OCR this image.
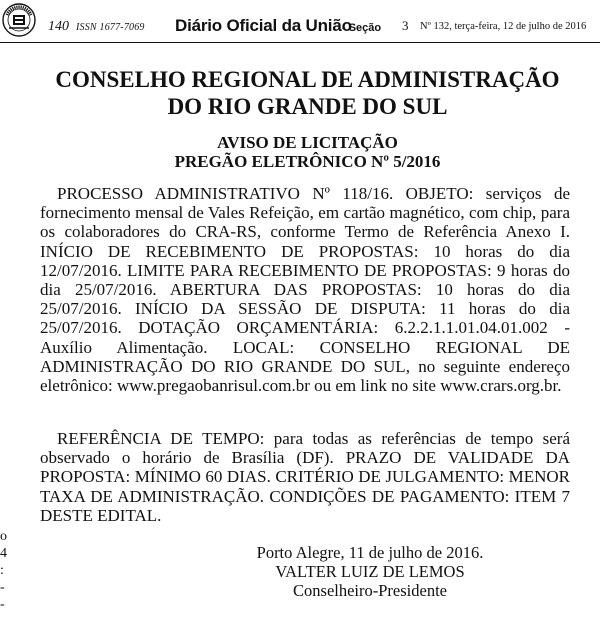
140 ISSN 1677-7069 Diário Oficial da União
- Seção 3 Nº 132, terça-feira, 12 de julho de 2016
CONSELHO REGIONAL DE ADMINISTRAÇÃO
DO RIO GRANDE DO SUL
AVISO DE LICITAÇÃO
PREGÃO ELETRÔNICO Nº 5/2016

PROCESSO ADMINISTRATIVO Nº 118/16. OBJETO: serviços de fornecimento mensal de Vales Refeição, em cartão magnético, com chip, para os colaboradores do CRA-RS, conforme Termo de Referência Anexo I. INÍCIO DE RECEBIMENTO DE PROPOSTAS: 10 horas do dia 12/07/2016. LIMITE PARA RECEBIMENTO DE PROPOSTAS: 9 horas do dia 25/07/2016. ABERTURA DAS PROPOSTAS: 10 horas do dia 25/07/2016. INÍCIO DA SESSÃO DE DISPUTA: 11 horas do dia 25/07/2016. DOTAÇÃO ORÇAMENTÁRIA: 6.2.2.1.1.01.04.01.002 - Auxílio Alimentação. LOCAL: CONSELHO REGIONAL DE ADMINISTRAÇÃO DO RIO GRANDE DO SUL, no seguinte endereço eletrônico: www.pregaobanrisul.com.br ou em link no site www.crars.org.br.

REFERÊNCIA DE TEMPO: para todas as referências de tempo será observado o horário de Brasília (DF). PRAZO DE VALIDADE DA PROPOSTA: MÍNIMO 60 DIAS. CRITÉRIO DE JULGAMENTO: MENOR TAXA DE ADMINISTRAÇÃO. CONDIÇÕES DE PAGAMENTO: ITEM 7 DESTE EDITAL.

Porto Alegre, 11 de julho de 2016.
VALTER LUIZ DE LEMOS
Conselheiro-Presidente
o
4
:
-
-
